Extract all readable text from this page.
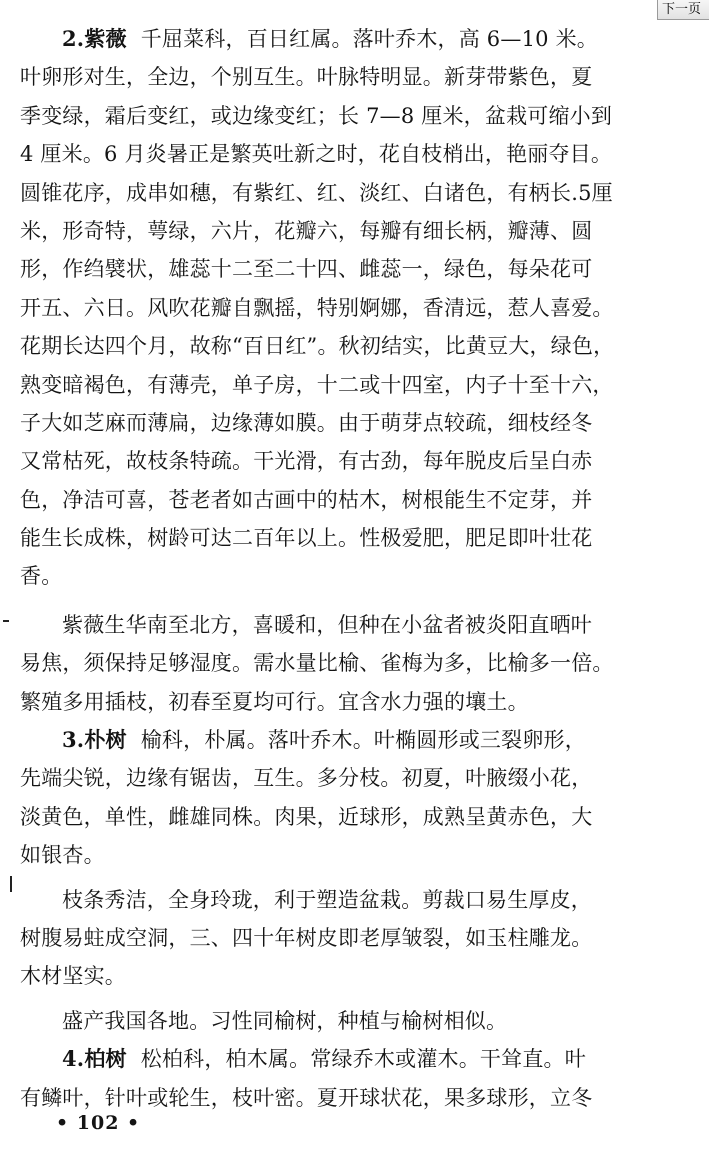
下一页
2.紫薇 千屈菜科，百日红属。落叶乔木，高 6—10 米。
叶卵形对生，全边，个别互生。叶脉特明显。新芽带紫色，夏
季变绿，霜后变红，或边缘变红；长 7—8 厘米，盆栽可缩小到
4 厘米。6 月炎暑正是繁英吐新之时，花自枝梢出，艳丽夺目。
圆锥花序，成串如穗，有紫红、红、淡红、白诸色，有柄长.5厘
米，形奇特，萼绿，六片，花瓣六，每瓣有细长柄，瓣薄、圆
形，作绉襞状，雄蕊十二至二十四、雌蕊一，绿色，每朵花可
开五、六日。风吹花瓣自飘摇，特别婀娜，香清远，惹人喜爱。
花期长达四个月，故称“百日红”。秋初结实，比黄豆大，绿色，
熟变暗褐色，有薄壳，单子房，十二或十四室，内子十至十六，
子大如芝麻而薄扁，边缘薄如膜。由于萌芽点较疏，细枝经冬
又常枯死，故枝条特疏。干光滑，有古劲，每年脱皮后呈白赤
色，净洁可喜，苍老者如古画中的枯木，树根能生不定芽，并
能生长成株，树龄可达二百年以上。性极爱肥，肥足即叶壮花
香。
紫薇生华南至北方，喜暖和，但种在小盆者被炎阳直晒叶
易焦，须保持足够湿度。需水量比榆、雀梅为多，比榆多一倍。
繁殖多用插枝，初春至夏均可行。宜含水力强的壤土。
3.朴树 榆科，朴属。落叶乔木。叶椭圆形或三裂卵形，
先端尖锐，边缘有锯齿，互生。多分枝。初夏，叶腋缀小花，
淡黄色，单性，雌雄同株。肉果，近球形，成熟呈黄赤色，大
如银杏。
枝条秀洁，全身玲珑，利于塑造盆栽。剪裁口易生厚皮，
树腹易蛀成空洞，三、四十年树皮即老厚皱裂，如玉柱雕龙。
木材坚实。
盛产我国各地。习性同榆树，种植与榆树相似。
4.柏树 松柏科，柏木属。常绿乔木或灌木。干耸直。叶
有鳞叶，针叶或轮生，枝叶密。夏开球状花，果多球形，立冬
• 102 •
